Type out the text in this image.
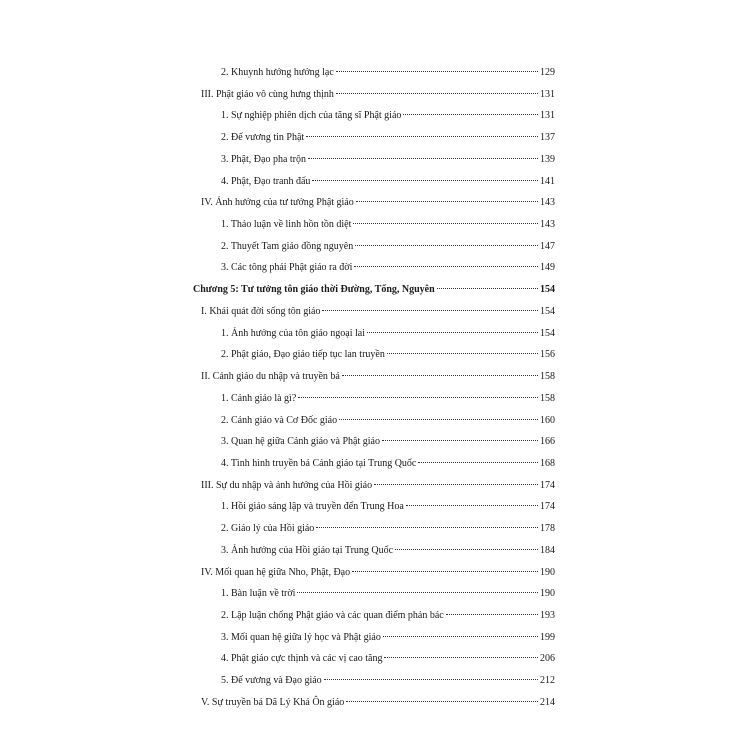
2. Khuynh hướng hưởng lạc	129
III. Phật giáo vô cùng hưng thịnh	131
1. Sự nghiệp phiên dịch của tăng sĩ Phật giáo	131
2. Đế vương tin Phật	137
3. Phật, Đạo pha trộn	139
4. Phật, Đạo tranh đấu	141
IV. Ảnh hưởng của tư tưởng Phật giáo	143
1. Thảo luận về linh hồn tồn diệt	143
2. Thuyết Tam giáo đồng nguyên	147
3. Các tông phái Phật giáo ra đời	149
Chương 5: Tư tưởng tôn giáo thời Đường, Tống, Nguyên	154
I. Khái quát đời sống tôn giáo	154
1. Ảnh hưởng của tôn giáo ngoại lai	154
2. Phật giáo, Đạo giáo tiếp tục lan truyền	156
II. Cảnh giáo du nhập và truyền bá	158
1. Cảnh giáo là gì?	158
2. Cảnh giáo và Cơ Đốc giáo	160
3. Quan hệ giữa Cảnh giáo và Phật giáo	166
4. Tình hình truyền bá Cảnh giáo tại Trung Quốc	168
III. Sự du nhập và ảnh hưởng của Hồi giáo	174
1. Hồi giáo sáng lập và truyền đến Trung Hoa	174
2. Giáo lý của Hồi giáo	178
3. Ảnh hưởng của Hồi giáo tại Trung Quốc	184
IV. Mối quan hệ giữa Nho, Phật, Đạo	190
1. Bàn luận về trời	190
2. Lập luận chống Phật giáo và các quan điểm phản bác	193
3. Mối quan hệ giữa lý học và Phật giáo	199
4. Phật giáo cực thịnh và các vị cao tăng	206
5. Đế vương và Đạo giáo	212
V. Sự truyền bá Dã Lý Khả Ôn giáo	214
